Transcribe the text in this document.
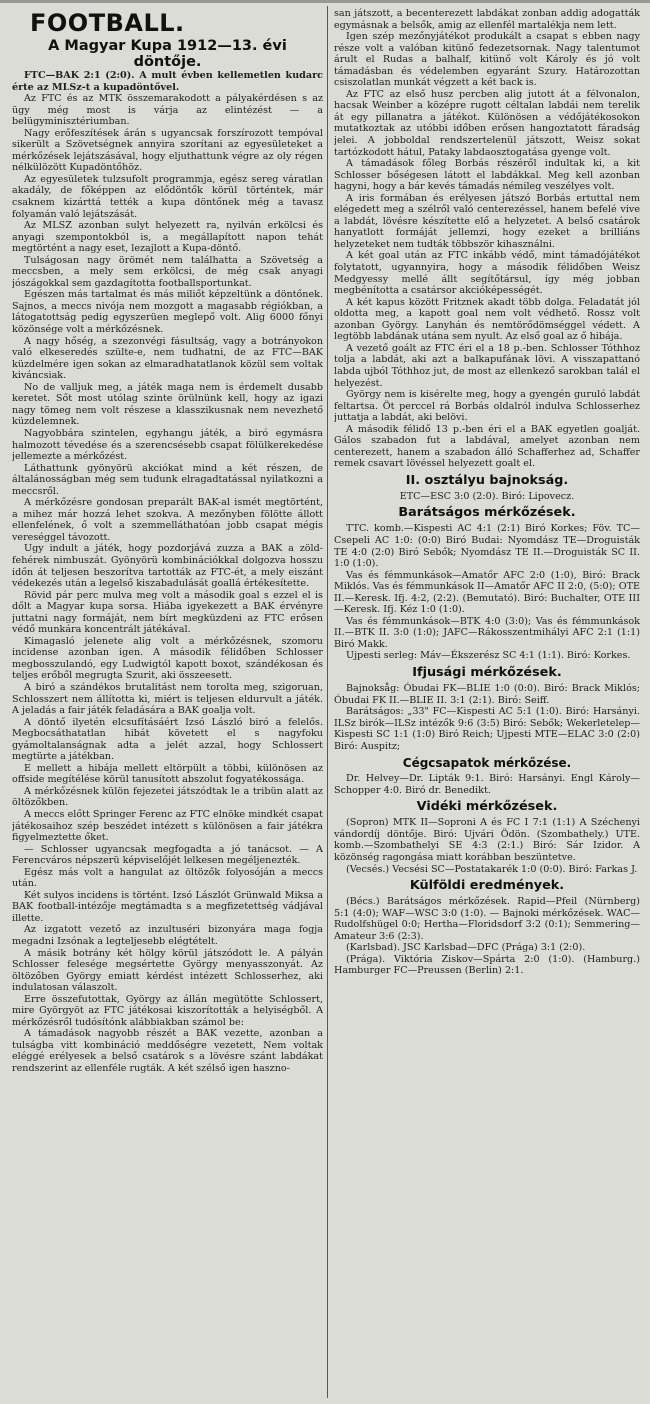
FOOTBALL.
A Magyar Kupa 1912—13. évi
döntője.

FTC—BAK 2:1 (2:0). A mult évben kellemetlen kudarc érte az MLSz-t a kupadöntővel.

Az FTC és az MTK összemarakodott a pályakérdésen s az ügy még most is várja az elintézést — a belügyminisztériumban.

Nagy erőfeszítések árán s ugyancsak forszírozott tempóval sikerült a Szövetségnek annyira szorítani az egyesületeket a mérkőzések lejátszásával, hogy eljuthattunk végre az oly régen nélkülözött Kupadöntőhöz.

Az egyesületek tulzsufolt programmja, egész sereg váratlan akadály, de főképpen az elődöntők körül történtek, már csaknem kizárttá tették a kupa döntőnek még a tavasz folyamán való lejátszását.

Az MLSZ azonban sulyt helyezett ra, nyilván erkölcsi és anyagi szempontokból is, a megállapított napon tehát megtörtént a nagy eset, lezajlott a Kupa-döntő.

Tulságosan nagy örömét nem találhatta a Szövetség a meccsben, a mely sem erkölcsi, de még csak anyagi jószágokkal sem gazdagította footballsportunkat.

Egészen más tartalmat és más miliőt képzeltünk a döntőnek. Sajnos, a meccs nivója nem mozgott a magasabb régiókban, a látogatottság pedig egyszerüen meglepő volt. Alig 6000 főnyi közönsége volt a mérkőzésnek.

A nagy hőség, a szezonvégi fásultság, vagy a botrányokon való elkeseredés szülte-e, nem tudhatni, de az FTC—BAK küzdelmére igen sokan az elmaradhatatlanok közül sem voltak kiváncsiak.

No de valljuk meg, a játék maga nem is érdemelt dusabb keretet. Sőt most utólag szinte örülnünk kell, hogy az igazi nagy tömeg nem volt részese a klasszikusnak nem nevezhető küzdelemnek.

Nagyobbára szintelen, egyhangu játék, a biró egymásra halmozott tévedése és a szerencsésebb csapat fölülkerekedése jellemezte a mérkőzést.

Láthattunk gyönyörü akciókat mind a két részen, de általánosságban még sem tudunk elragadtatással nyilatkozni a meccsről.

A mérkőzésre gondosan preparált BAK-al ismét megtörtént, a mihez már hozzá lehet szokva. A mezőnyben fölötte állott ellenfelének, ő volt a szemmelláthatóan jobb csapat mégis vereséggel távozott.

Ugy indult a játék, hogy pozdorjává zuzza a BAK a zöld-fehérek nimbuszát. Gyönyörü kombinációkkal dolgozva hosszu időn át teljesen beszorítva tartották az FTC-ét, a mely eiszánt védekezés után a legelső kiszabadulását goallá értékesítette.

Rövid pár perc mulva meg volt a második goal s ezzel el is dőlt a Magyar kupa sorsa. Hiába igyekezett a BAK érvényre juttatni nagy formáját, nem bírt megküzdeni az FTC erősen védő munkára koncentrált játékával.

Kimagasló jelenete alig volt a mérkőzésnek, szomoru incidense azonban igen. A második félidőben Schlosser megbosszulandó, egy Ludwigtól kapott boxot, szándékosan és teljes erőből megrugta Szurit, aki összeesett.

A biró a szándékos brutalitást nem torolta meg, szigoruan, Schlosszert nem állította ki, miért is teljesen eldurvult a játék. A jeladás a fair játék feladására a BAK goalja volt.

A döntő ilyetén elcsufításáért Izsó László biró a felelős. Megbocsáthatatlan hibát követett el s nagyfoku gyámoltalanságnak adta a jelét azzal, hogy Schlossert megtürte a játékban.

E mellett a hibája mellett eltörpült a többi, különösen az offside megítélése körül tanusított abszolut fogyatékossága.

A mérkőzésnek külön fejezetei játszódtak le a tribün alatt az öltözőkben.

A meccs előtt Springer Ferenc az FTC elnöke mindkét csapat játékosaihoz szép beszédet intézett s különösen a fair játékra figyelmeztette őket.

— Schlosser ugyancsak megfogadta a jó tanácsot. — A Ferencváros népszerü képviselőjét lelkesen megéljenezték.

Egész más volt a hangulat az öltözők folyosóján a meccs után.

Két sulyos incidens is történt. Izsó Lászlót Grünwald Miksa a BAK football-intézője megtámadta s a megfizetettség vádjával illette.

Az izgatott vezető az inzultuséri bizonyára maga fogja megadni Izsónak a legteljesebb elégtételt.

A másik botrány két hölgy körül játszódott le. A pályán Schlosser felesége megsértette György menyasszonyát. Az öltözőben György emiatt kérdést intézett Schlosserhez, aki indulatosan válaszolt.

Erre összefutottak, György az állán megütötte Schlossert, mire Györgyöt az FTC játékosai kiszorították a helyiségből. A mérkőzésről tudósítónk alábbiakban számol be:

A támadások nagyobb részét a BAK vezette, azonban a tulságba vitt kombináció meddőségre vezetett, Nem voltak eléggé erélyesek a belső csatárok s a lövésre szánt labdákat rendszerint az ellenféle rugták. A két szélső igen haszno-

san játszott, a becenterezett labdákat zonban addig adogatták egymásnak a belsők, amig az ellenfél martalékja nem lett.

Igen szép mezőnyjátékot produkált a csapat s ebben nagy része volt a valóban kitünő fedezetsornak. Nagy talentumot árult el Rudas a balhalf, kitünő volt Károly és jó volt támadásban és védelemben egyaránt Szury. Határozottan csiszolatlan munkát végzett a két back is.

Az FTC az első husz percben alig jutott át a félvonalon, hacsak Weinber a középre rugott céltalan labdái nem terelik át egy pillanatra a játékot. Különösen a védőjátékosokon mutatkoztak az utóbbi időben erősen hangoztatott fáradság jelei. A jobboldal rendszertelenül játszott, Weisz sokat tartózkodott hátul, Pataky labdaosztogatása gyenge volt.

A támadások főleg Borbás részéről indultak ki, a kit Schlosser bőségesen látott el labdákkal. Meg kell azonban hagyni, hogy a bár kevés támadás némileg veszélyes volt.

A iris formában és erélyesen játszó Borbás ertuttal nem elégedett meg a szélről való centerezéssel, hanem befelé vive a labdát, lövésre készítette elő a helyzetet. A belső csatárok hanyatlott formáját jellemzi, hogy ezeket a brilliáns helyzeteket nem tudták többször kihasználni.

A két goal után az FTC inkább védő, mint támadójátékot folytatott, ugyannyira, hogy a második félidőben Weisz Medgyessy mellé állt segítőtársul, így még jobban megbénította a csatársor akcióképességét.

A két kapus között Fritznek akadt több dolga. Feladatát jól oldotta meg, a kapott goal nem volt védhető. Rossz volt azonban György. Lanyhán és nemtörődömséggel védett. A legtöbb labdának utána sem nyult. Az első goal az ő hibája.

A vezető goált az FTC éri el a 18 p.-ben. Schlosser Tóthhoz tolja a labdát, aki azt a balkapufának lövi. A visszapattanó labda ujból Tóthhoz jut, de most az ellenkező sarokban talál el helyezést.

György nem is kisérelte meg, hogy a gyengén guruló labdát feltartsa. Öt perccel rá Borbás oldalról indulva Schlosserhez juttatja a labdát, aki belövi.

A második félidő 13 p.-ben éri el a BAK egyetlen goalját. Gálos szabadon fut a labdával, amelyet azonban nem centerezett, hanem a szabadon álló Schafferhez ad, Schaffer remek csavart lövéssel helyezett goalt el.

II. osztályu bajnokság.

ETC—ESC 3:0 (2:0). Biró: Lipovecz.

Barátságos mérkőzések.

TTC. komb.—Kispesti AC 4:1 (2:1) Biró Korkes; Föv. TC—Csepeli AC 1:0: (0:0) Biró Budai: Nyomdász TE—Droguisták TE 4:0 (2:0) Biró Sebők; Nyomdász TE II.—Droguisták SC II. 1:0 (1:0).

Vas és fémmunkások—Amatőr AFC 2:0 (1:0), Biró: Brack Miklós. Vas és fémmunkások II—Amatőr AFC II 2:0, (5:0); OTE II.—Keresk. Ifj. 4:2, (2:2). (Bemutató). Biró: Buchalter, OTE III—Keresk. Ifj. Kéz 1:0 (1:0).

Vas és fémmunkások—BTK 4:0 (3:0); Vas és fémmunkások II.—BTK II. 3:0 (1:0); JAFC—Rákosszentmihályi AFC 2:1 (1:1) Biró Makk.

Ujpesti serleg: Máv—Ékszerész SC 4:1 (1:1). Biró: Korkes.

Ifjusági mérkőzések.

Bajnoksåg: Óbudai FK—BLIE 1:0 (0:0). Biró: Brack Miklós; Óbudai FK II.—BLIE II. 3:1 (2:1). Biró: Seiff.

Barátságos: „33" FC—Kispesti AC 5:1 (1:0). Biró: Harsányi. ILSz birók—ILSz intézők 9:6 (3:5) Biró: Sebők; Wekerletelep—Kispesti SC 1:1 (1:0) Biró Reich; Ujpesti MTE—ELAC 3:0 (2:0) Biró: Auspitz;

Cégcsapatok mérkőzése.

Dr. Helvey—Dr. Lipták 9:1. Biró: Harsányi. Engl Károly—Schopper 4:0. Biró dr. Benedikt.

Vidéki mérkőzések.

(Sopron) MTK II—Soproni A és FC I 7:1 (1:1) A Széchenyi vándordíj döntője. Biró: Ujvári Ödön. (Szombathely.) UTE. komb.—Szombathelyi SE 4:3 (2:1.) Biró: Sár Izidor. A közönség ragongása miatt korábban beszüntetve.

(Vecsés.) Vecsési SC—Postatakarék 1:0 (0:0). Biró: Farkas J.

Külföldi eredmények.

(Bécs.) Barátságos mérkőzések. Rapid—Pfeil (Nürnberg) 5:1 (4:0); WAF—WSC 3:0 (1:0). — Bajnoki mérkőzések. WAC—Rudolfshügel 0:0; Hertha—Floridsdorf 3:2 (0:1); Semmering—Amateur 3:6 (2:3).

(Karlsbad). JSC Karlsbad—DFC (Prága) 3:1 (2:0).

(Prága). Viktória Ziskov—Spárta 2:0 (1:0). (Hamburg.) Hamburger FC—Preussen (Berlin) 2:1.
